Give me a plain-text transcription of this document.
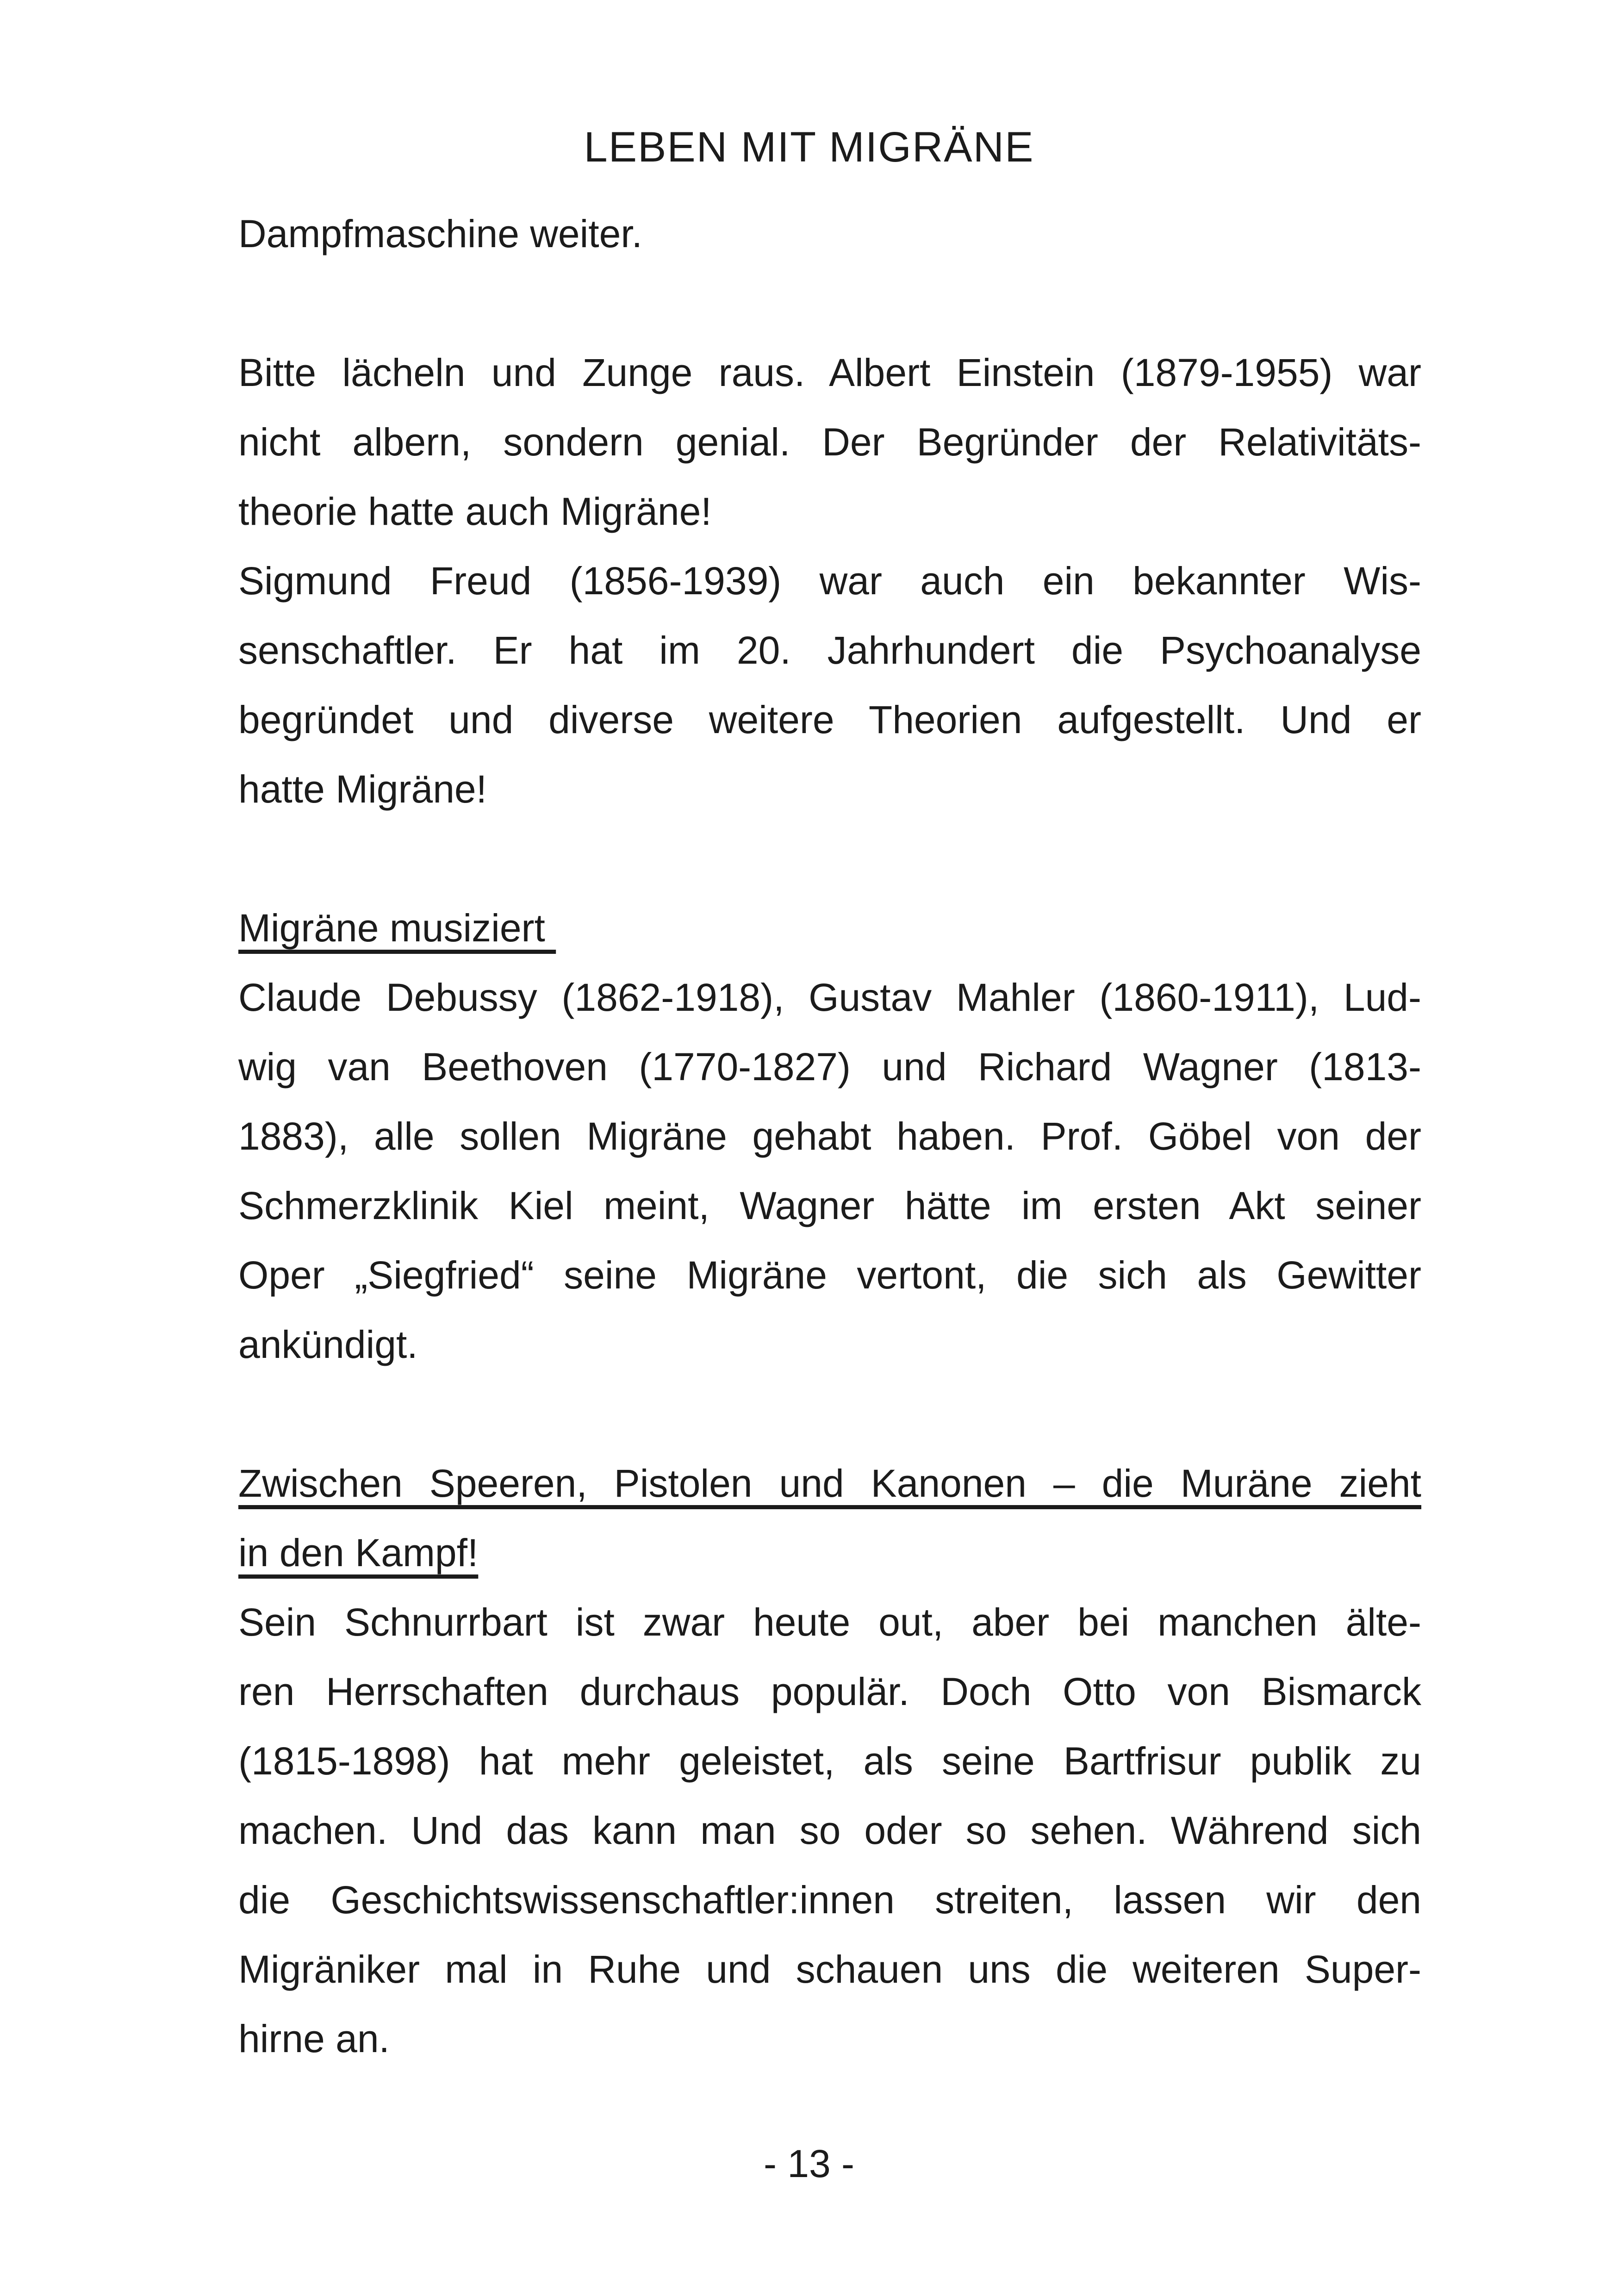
LEBEN MIT MIGRÄNE
Dampfmaschine weiter.
Bitte lächeln und Zunge raus. Albert Einstein (1879-1955) war
nicht albern, sondern genial. Der Begründer der Relativitäts-
theorie hatte auch Migräne!
Sigmund Freud (1856-1939) war auch ein bekannter Wis-
senschaftler. Er hat im 20. Jahrhundert die Psychoanalyse
begründet und diverse weitere Theorien aufgestellt. Und er
hatte Migräne!
Migräne musiziert
Claude Debussy (1862-1918), Gustav Mahler (1860-1911), Lud-
wig van Beethoven (1770-1827) und Richard Wagner (1813-
1883), alle sollen Migräne gehabt haben. Prof. Göbel von der
Schmerzklinik Kiel meint, Wagner hätte im ersten Akt seiner
Oper „Siegfried“ seine Migräne vertont, die sich als Gewitter
ankündigt.
Zwischen Speeren, Pistolen und Kanonen – die Muräne zieht
in den Kampf!
Sein Schnurrbart ist zwar heute out, aber bei manchen älte-
ren Herrschaften durchaus populär. Doch Otto von Bismarck
(1815-1898) hat mehr geleistet, als seine Bartfrisur publik zu
machen. Und das kann man so oder so sehen. Während sich
die Geschichtswissenschaftler:innen streiten, lassen wir den
Migräniker mal in Ruhe und schauen uns die weiteren Super-
hirne an.
- 13 -
